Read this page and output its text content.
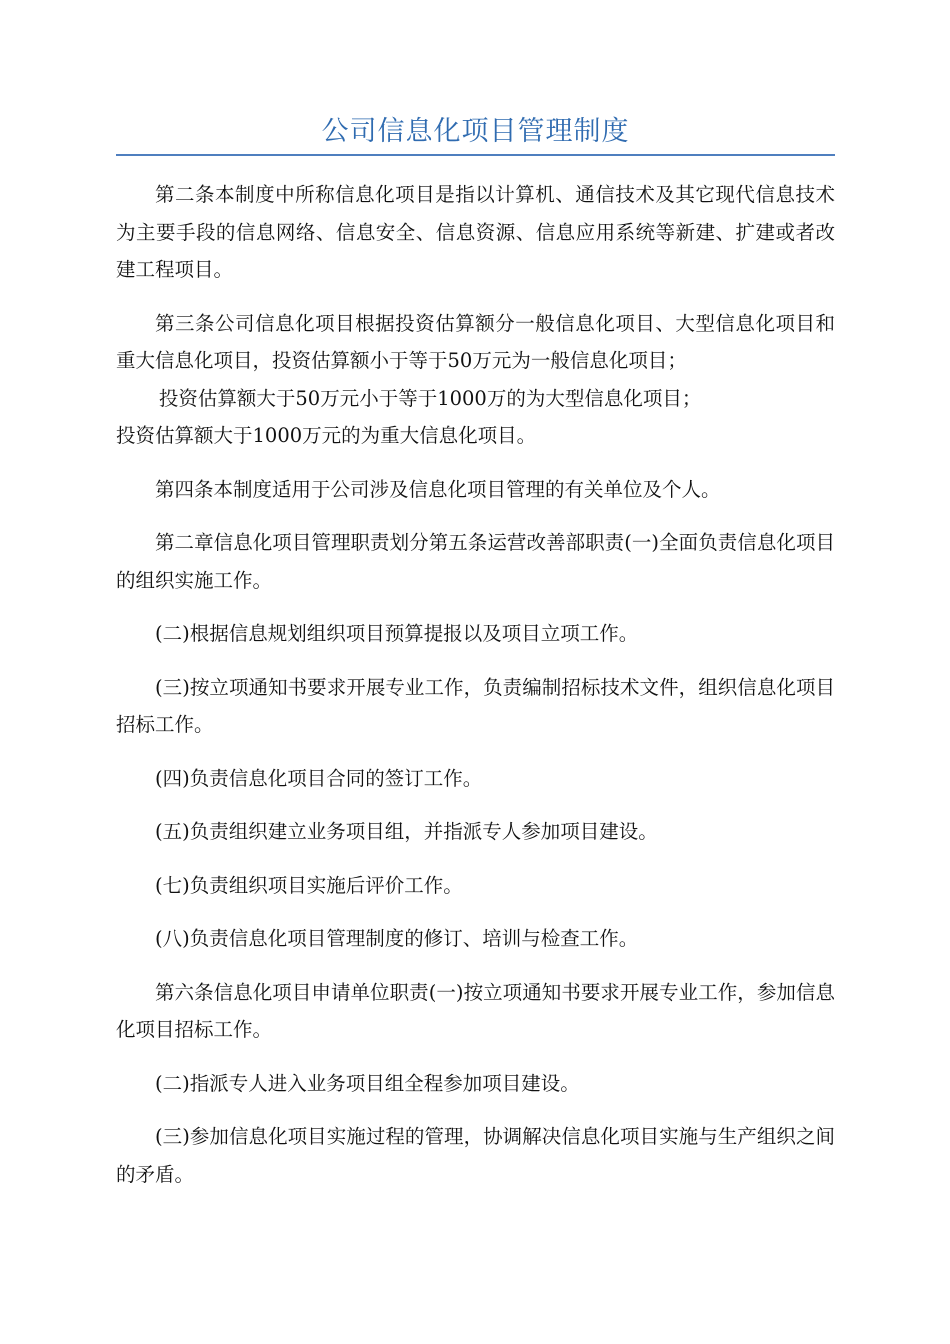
公司信息化项目管理制度

第二条本制度中所称信息化项目是指以计算机、通信技术及其它现代信息技术为主要手段的信息网络、信息安全、信息资源、信息应用系统等新建、扩建或者改建工程项目。

第三条公司信息化项目根据投资估算额分一般信息化项目、大型信息化项目和重大信息化项目，投资估算额小于等于50万元为一般信息化项目；
投资估算额大于50万元小于等于1000万的为大型信息化项目；
投资估算额大于1000万元的为重大信息化项目。

第四条本制度适用于公司涉及信息化项目管理的有关单位及个人。

第二章信息化项目管理职责划分第五条运营改善部职责(一)全面负责信息化项目的组织实施工作。

(二)根据信息规划组织项目预算提报以及项目立项工作。

(三)按立项通知书要求开展专业工作，负责编制招标技术文件，组织信息化项目招标工作。

(四)负责信息化项目合同的签订工作。

(五)负责组织建立业务项目组，并指派专人参加项目建设。

(七)负责组织项目实施后评价工作。

(八)负责信息化项目管理制度的修订、培训与检查工作。

第六条信息化项目申请单位职责(一)按立项通知书要求开展专业工作，参加信息化项目招标工作。

(二)指派专人进入业务项目组全程参加项目建设。

(三)参加信息化项目实施过程的管理，协调解决信息化项目实施与生产组织之间的矛盾。
